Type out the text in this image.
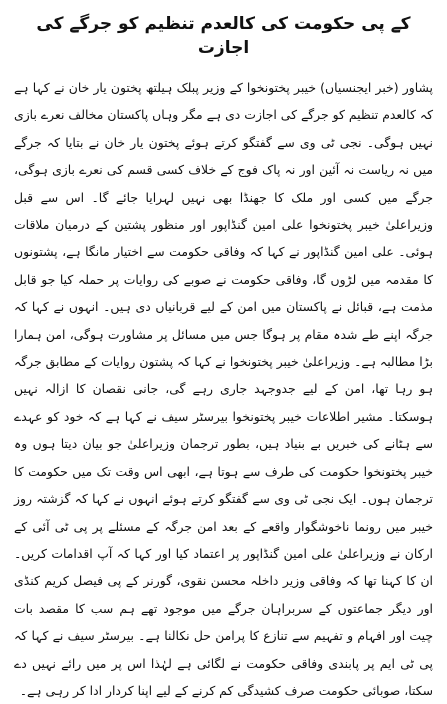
کے پی حکومت کی کالعدم تنظیم کو جرگے کی اجازت

پشاور (خبر ایجنسیاں) خیبر پختونخوا کے وزیر پبلک ہیلتھ پختون یار خان نے کہا ہے کہ کالعدم تنظیم کو جرگے کی اجازت دی ہے مگر وہاں پاکستان مخالف نعرے بازی نہیں ہوگی۔ نجی ٹی وی سے گفتگو کرتے ہوئے پختون یار خان نے بتایا کہ جرگے میں نہ ریاست نہ آئین اور نہ پاک فوج کے خلاف کسی قسم کی نعرے بازی ہوگی، جرگے میں کسی اور ملک کا جھنڈا بھی نہیں لہرایا جائے گا۔ اس سے قبل وزیراعلیٰ خیبر پختونخوا علی امین گنڈاپور اور منظور پشتین کے درمیان ملاقات ہوئی۔ علی امین گنڈاپور نے کہا کہ وفاقی حکومت سے اختیار مانگا ہے، پشتونوں کا مقدمہ میں لڑوں گا، وفاقی حکومت نے صوبے کی روایات پر حملہ کیا جو قابل مذمت ہے، قبائل نے پاکستان میں امن کے لیے قربانیاں دی ہیں۔ انہوں نے کہا کہ جرگہ اپنے طے شدہ مقام پر ہوگا جس میں مسائل پر مشاورت ہوگی، امن ہمارا بڑا مطالبہ ہے۔ وزیراعلیٰ خیبر پختونخوا نے کہا کہ پشتون روایات کے مطابق جرگہ ہو رہا تھا، امن کے لیے جدوجہد جاری رہے گی، جانی نقصان کا ازالہ نہیں ہوسکتا۔ مشیر اطلاعات خیبر پختونخوا بیرسٹر سیف نے کہا ہے کہ خود کو عہدے سے ہٹانے کی خبریں بے بنیاد ہیں، بطور ترجمان وزیراعلیٰ جو بیان دیتا ہوں وہ خیبر پختونخوا حکومت کی طرف سے ہوتا ہے، ابھی اس وقت تک میں حکومت کا ترجمان ہوں۔ ایک نجی ٹی وی سے گفتگو کرتے ہوئے انہوں نے کہا کہ گزشتہ روز خیبر میں رونما ناخوشگوار واقعے کے بعد امن جرگہ کے مسئلے پر پی ٹی آئی کے ارکان نے وزیراعلیٰ علی امین گنڈاپور پر اعتماد کیا اور کہا کہ آپ اقدامات کریں۔ ان کا کہنا تھا کہ وفاقی وزیر داخلہ محسن نقوی، گورنر کے پی فیصل کریم کنڈی اور دیگر جماعتوں کے سربراہان جرگے میں موجود تھے ہم سب کا مقصد بات چیت اور افہام و تفہیم سے تنازع کا پرامن حل نکالنا ہے۔ بیرسٹر سیف نے کہا کہ پی ٹی ایم پر پابندی وفاقی حکومت نے لگائی ہے لہٰذا اس پر میں رائے نہیں دے سکتا، صوبائی حکومت صرف کشیدگی کم کرنے کے لیے اپنا کردار ادا کر رہی ہے۔
